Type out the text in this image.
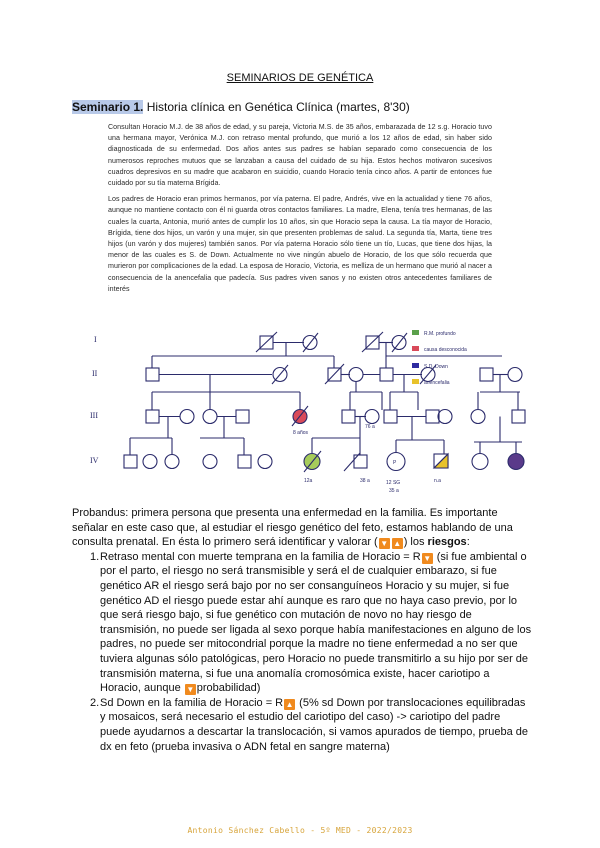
SEMINARIOS DE GENÉTICA
Seminario 1. Historia clínica en Genética Clínica (martes, 8'30)

Consultan Horacio M.J. de 38 años de edad, y su pareja, Victoria M.S. de 35 años, embarazada de 12 s.g. Horacio tuvo una hermana mayor, Verónica M.J. con retraso mental profundo, que murió a los 12 años de edad, sin haber sido diagnosticada de su enfermedad. Dos años antes sus padres se habían separado como consecuencia de los numerosos reproches mutuos que se lanzaban a causa del cuidado de su hija. Estos hechos motivaron sucesivos cuadros depresivos en su madre que acabaron en suicidio, cuando Horacio tenía cinco años. A partir de entonces fue cuidado por su tía materna Brígida.

Los padres de Horacio eran primos hermanos, por vía paterna. El padre, Andrés, vive en la actualidad y tiene 76 años, aunque no mantiene contacto con él ni guarda otros contactos familiares. La madre, Elena, tenía tres hermanas, de las cuales la cuarta, Antonia, murió antes de cumplir los 10 años, sin que Horacio sepa la causa. La tía mayor de Horacio, Brígida, tiene dos hijos, un varón y una mujer, sin que presenten problemas de salud. La segunda tía, Marta, tiene tres hijos (un varón y dos mujeres) también sanos. Por vía paterna Horacio sólo tiene un tío, Lucas, que tiene dos hijas, la menor de las cuales es S. de Down. Actualmente no vive ningún abuelo de Horacio, de los que sólo recuerda que murieron por complicaciones de la edad. La esposa de Horacio, Victoria, es melliza de un hermano que murió al nacer a consecuencia de la anencefalia que padecía. Sus padres viven sanos y no existen otros antecedentes familiares de interés

I
II
III
IV
8 años
76 a
12a	38 a
P
12 SG
35 a
n.a
R.M. profundo
causa desconocida
S.D. Down
anencefalia

Probandus: primera persona que presenta una enfermedad en la familia. Es importante señalar en este caso que, al estudiar el riesgo genético del feto, estamos hablando de una consulta prenatal. En ésta lo primero será identificar y valorar ( ▼ ▲ ) los riesgos:

1. Retraso mental con muerte temprana en la familia de Horacio = R ▼ (si fue ambiental o por el parto, el riesgo no será transmisible y será el de cualquier embarazo, si fue genético AR el riesgo será bajo por no ser consanguíneos Horacio y su mujer, si fue genético AD el riesgo puede estar ahí aunque es raro que no haya caso previo, por lo que será riesgo bajo, si fue genético con mutación de novo no hay riesgo de transmisión, no puede ser ligada al sexo porque había manifestaciones en alguno de los padres, no puede ser mitocondrial porque la madre no tiene enfermedad a no ser que tuviera algunas sólo patológicas, pero Horacio no puede transmitirlo a su hijo por ser de transmisión materna, si fue una anomalía cromosómica existe, hacer cariotipo a Horacio, aunque ▼ probabilidad)
2. Sd Down en la familia de Horacio = R ▲ (5% sd Down por translocaciones equilibradas y mosaicos, será necesario el estudio del cariotipo del caso) -> cariotipo del padre puede ayudarnos a descartar la translocación, si vamos apurados de tiempo, prueba de dx en feto (prueba invasiva o ADN fetal en sangre materna)
Antonio Sánchez Cabello - 5º MED - 2022/2023
